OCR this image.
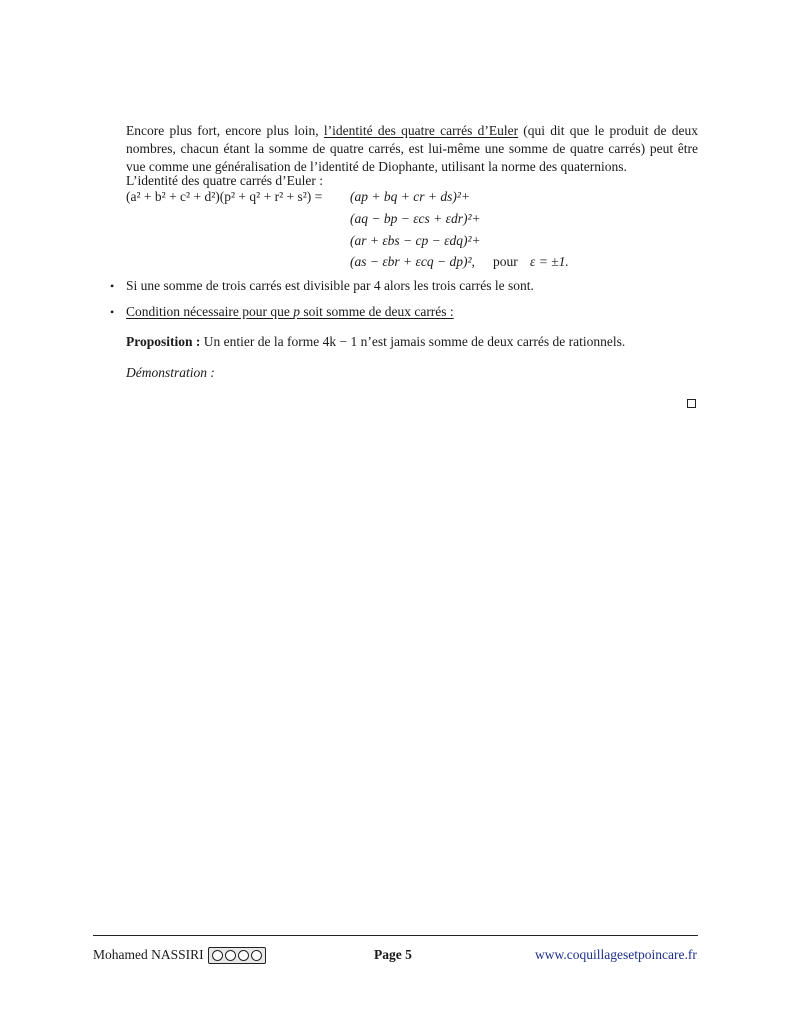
Encore plus fort, encore plus loin, l’identité des quatre carrés d’Euler (qui dit que le produit de deux nombres, chacun étant la somme de quatre carrés, est lui-même une somme de quatre carrés) peut être vue comme une généralisation de l’identité de Diophante, utilisant la norme des quaternions.
L’identité des quatre carrés d’Euler :
(a² + b² + c² + d²)(p² + q² + r² + s²) = (ap + bq + cr + ds)²+
(aq − bp − εcs + εdr)²+
(ar + εbs − cp − εdq)²+
(as − εbr + εcq − dp)², pour ε = ±1.
• Si une somme de trois carrés est divisible par 4 alors les trois carrés le sont.
• Condition nécessaire pour que p soit somme de deux carrés :
Proposition : Un entier de la forme 4k − 1 n’est jamais somme de deux carrés de rationnels.
Démonstration :
Mohamed NASSIRI	Page 5	www.coquillagesetpoincare.fr
